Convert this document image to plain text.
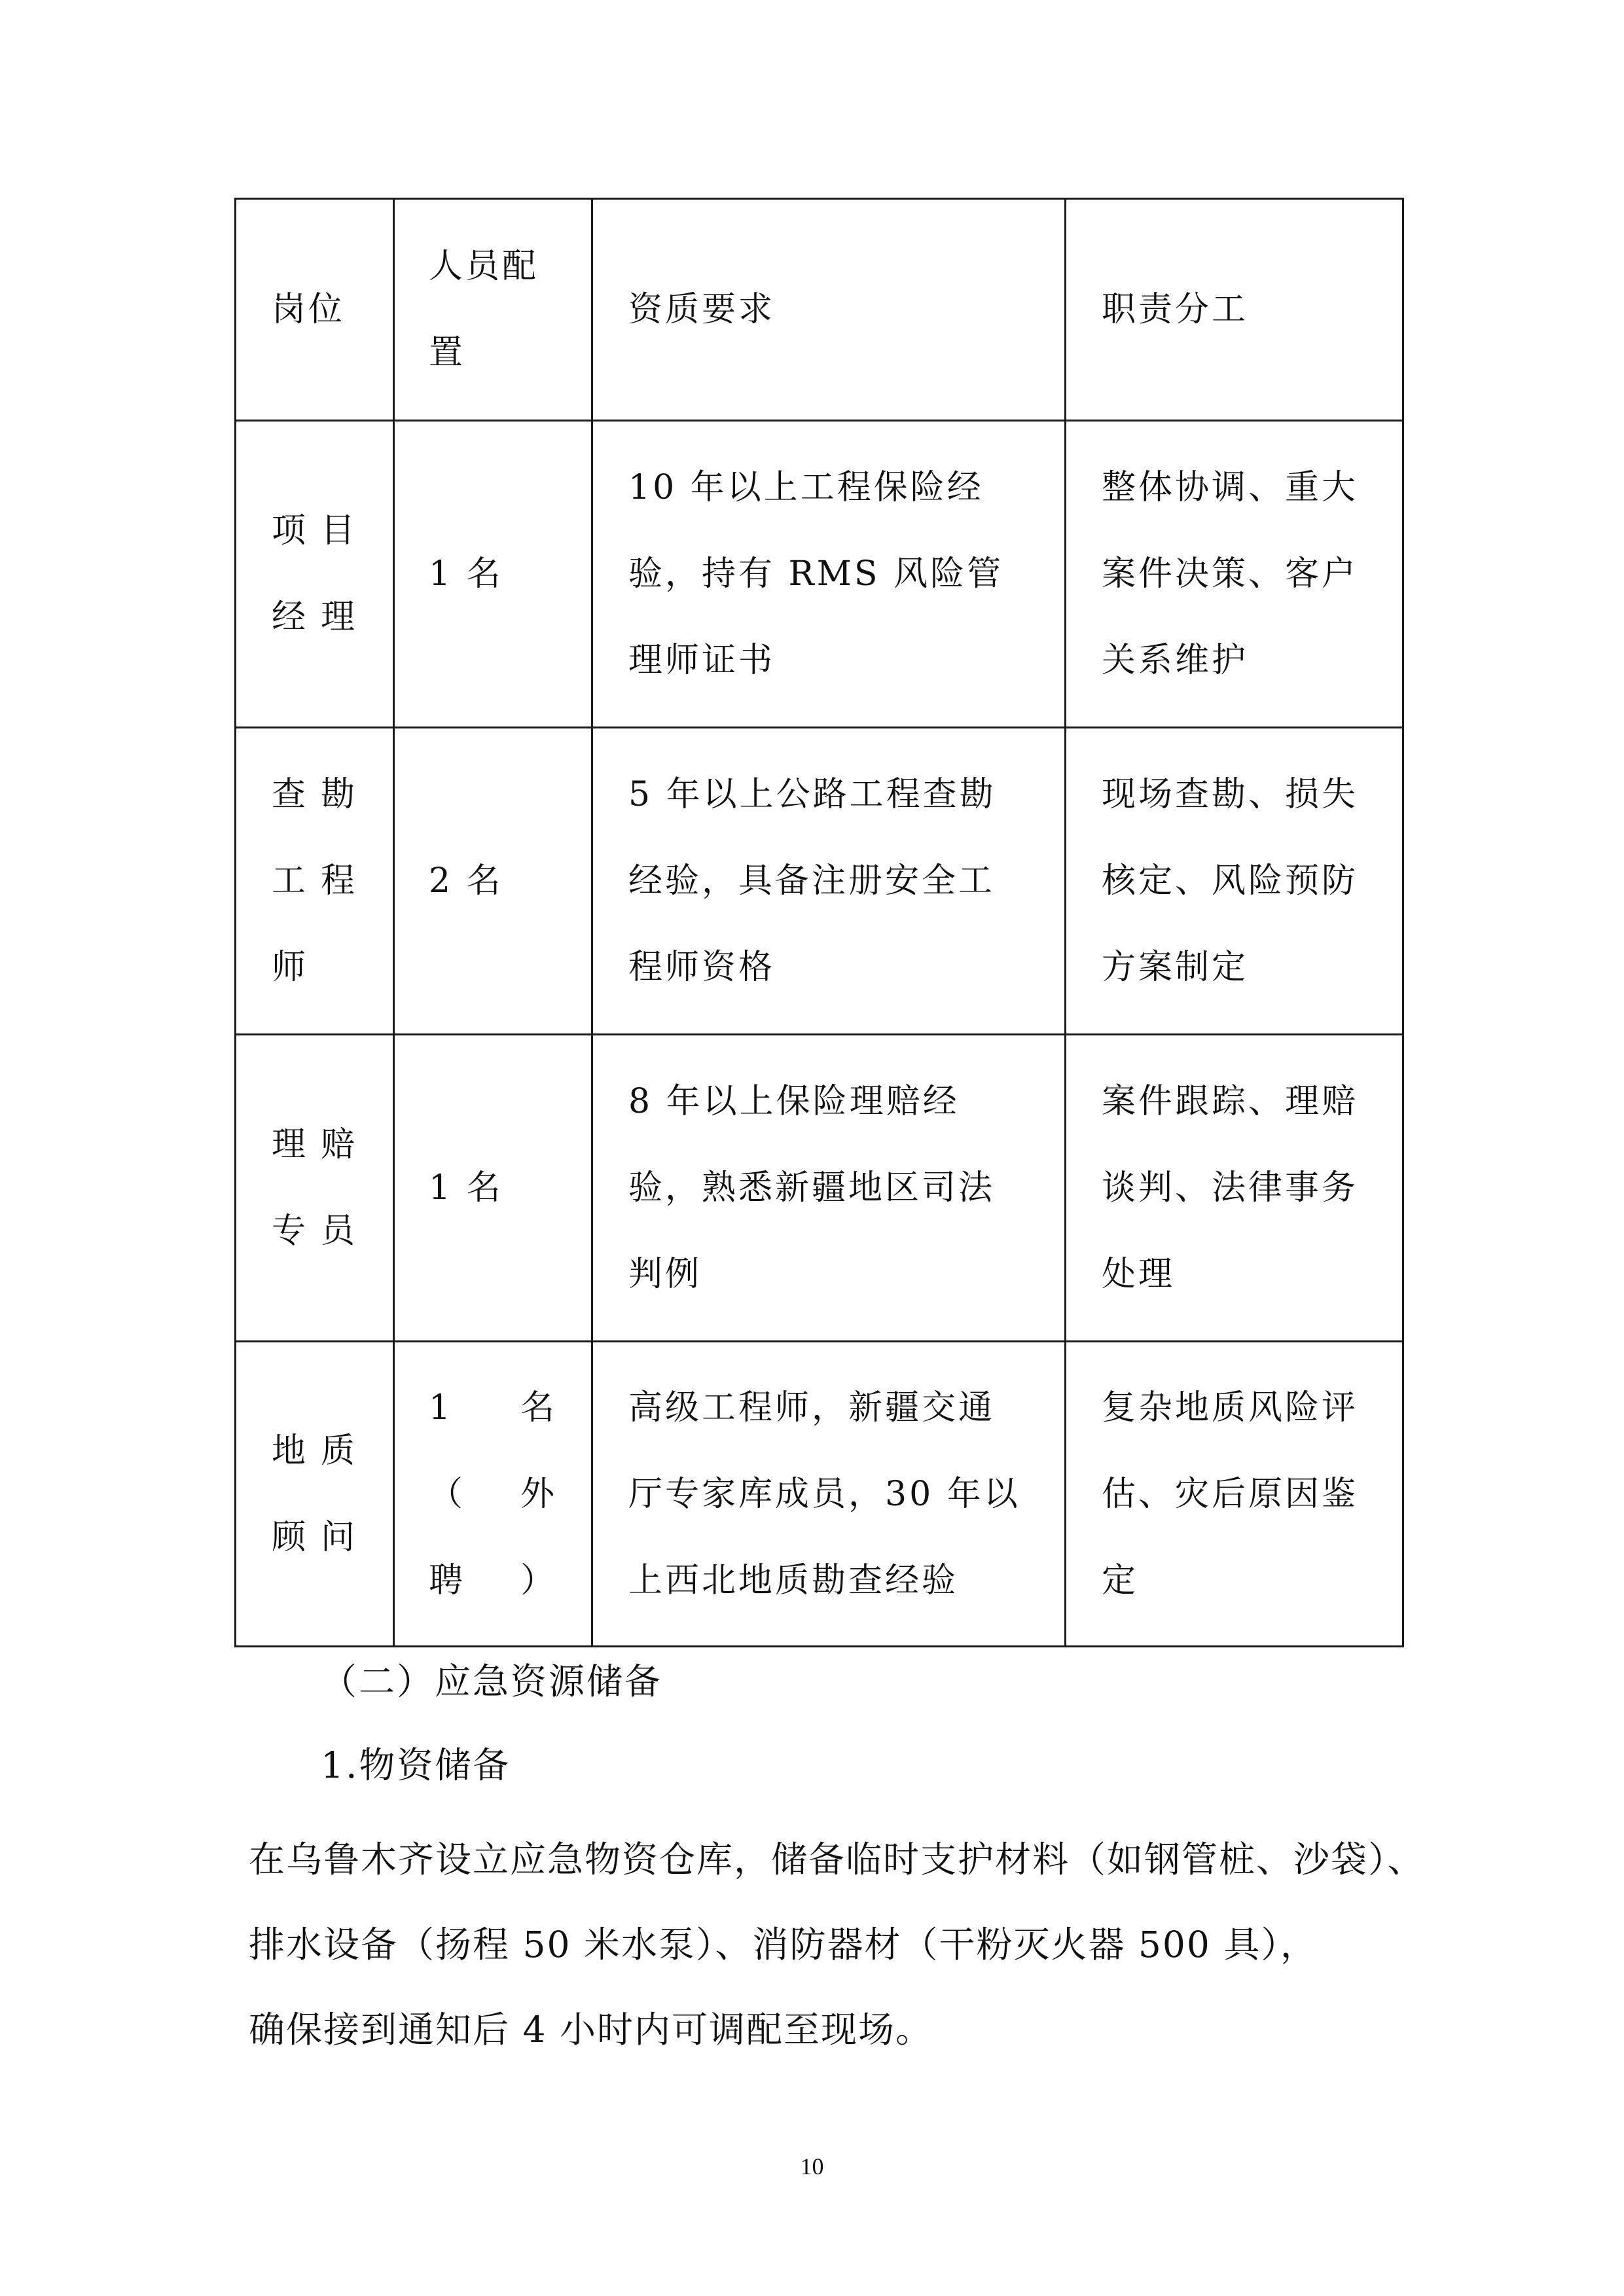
岗位	人员配置	资质要求	职责分工

项目经理	1 名	10 年以上工程保险经验，持有 RMS 风险管理师证书	整体协调、重大案件决策、客户关系维护

查勘工程师	2 名	5 年以上公路工程查勘经验，具备注册安全工程师资格	现场查勘、损失核定、风险预防方案制定

理赔专员	1 名	8 年以上保险理赔经验，熟悉新疆地区司法判例	案件跟踪、理赔谈判、法律事务处理

地质顾问	1 名（外聘）	高级工程师，新疆交通厅专家库成员，30 年以上西北地质勘查经验	复杂地质风险评估、灾后原因鉴定
（二）应急资源储备
1.物资储备
在乌鲁木齐设立应急物资仓库，储备临时支护材料（如钢管桩、沙袋）、
排水设备（扬程 50 米水泵）、消防器材（干粉灭火器 500 具），
确保接到通知后 4 小时内可调配至现场。
10
